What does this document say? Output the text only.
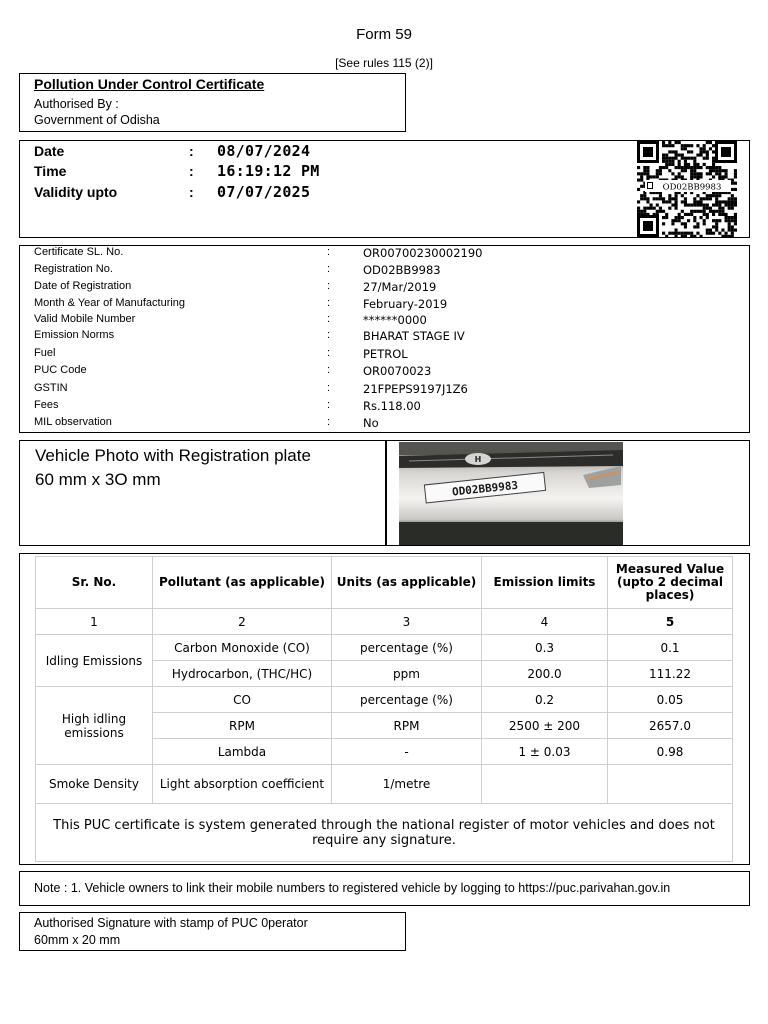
Form 59
[See rules 115 (2)]
Pollution Under Control Certificate
Authorised By :
Government of Odisha
Date	: 08/07/2024
Time	: 16:19:12 PM
Validity upto	: 07/07/2025	OD02BB9983
Certificate SL. No.	:	OR00700230002190
Registration No.	:	OD02BB9983
Date of Registration	:	27/Mar/2019
Month & Year of Manufacturing	:	February-2019
Valid Mobile Number	:	******0000
Emission Norms	:	BHARAT STAGE IV
Fuel	:	PETROL
PUC Code	:	OR0070023
GSTIN	:	21FPEPS9197J1Z6
Fees	:	Rs.118.00
MIL observation	:	No
Vehicle Photo with Registration plate
60 mm x 3O mm
H
OD02BB9983
Sr. No.	Pollutant (as applicable)	Units (as applicable)	Emission limits	Measured Value (upto 2 decimal places)
1	2	3	4	5
Idling Emissions	Carbon Monoxide (CO)	percentage (%)	0.3	0.1
	Hydrocarbon, (THC/HC)	ppm	200.0	111.22
High idling emissions	CO	percentage (%)	0.2	0.05
	RPM	RPM	2500 ± 200	2657.0
	Lambda	-	1 ± 0.03	0.98
Smoke Density	Light absorption coefficient	1/metre		
This PUC certificate is system generated through the national register of motor vehicles and does not require any signature.				
Note : 1. Vehicle owners to link their mobile numbers to registered vehicle by logging to https://puc.parivahan.gov.in
Authorised Signature with stamp of PUC 0perator
60mm x 20 mm
